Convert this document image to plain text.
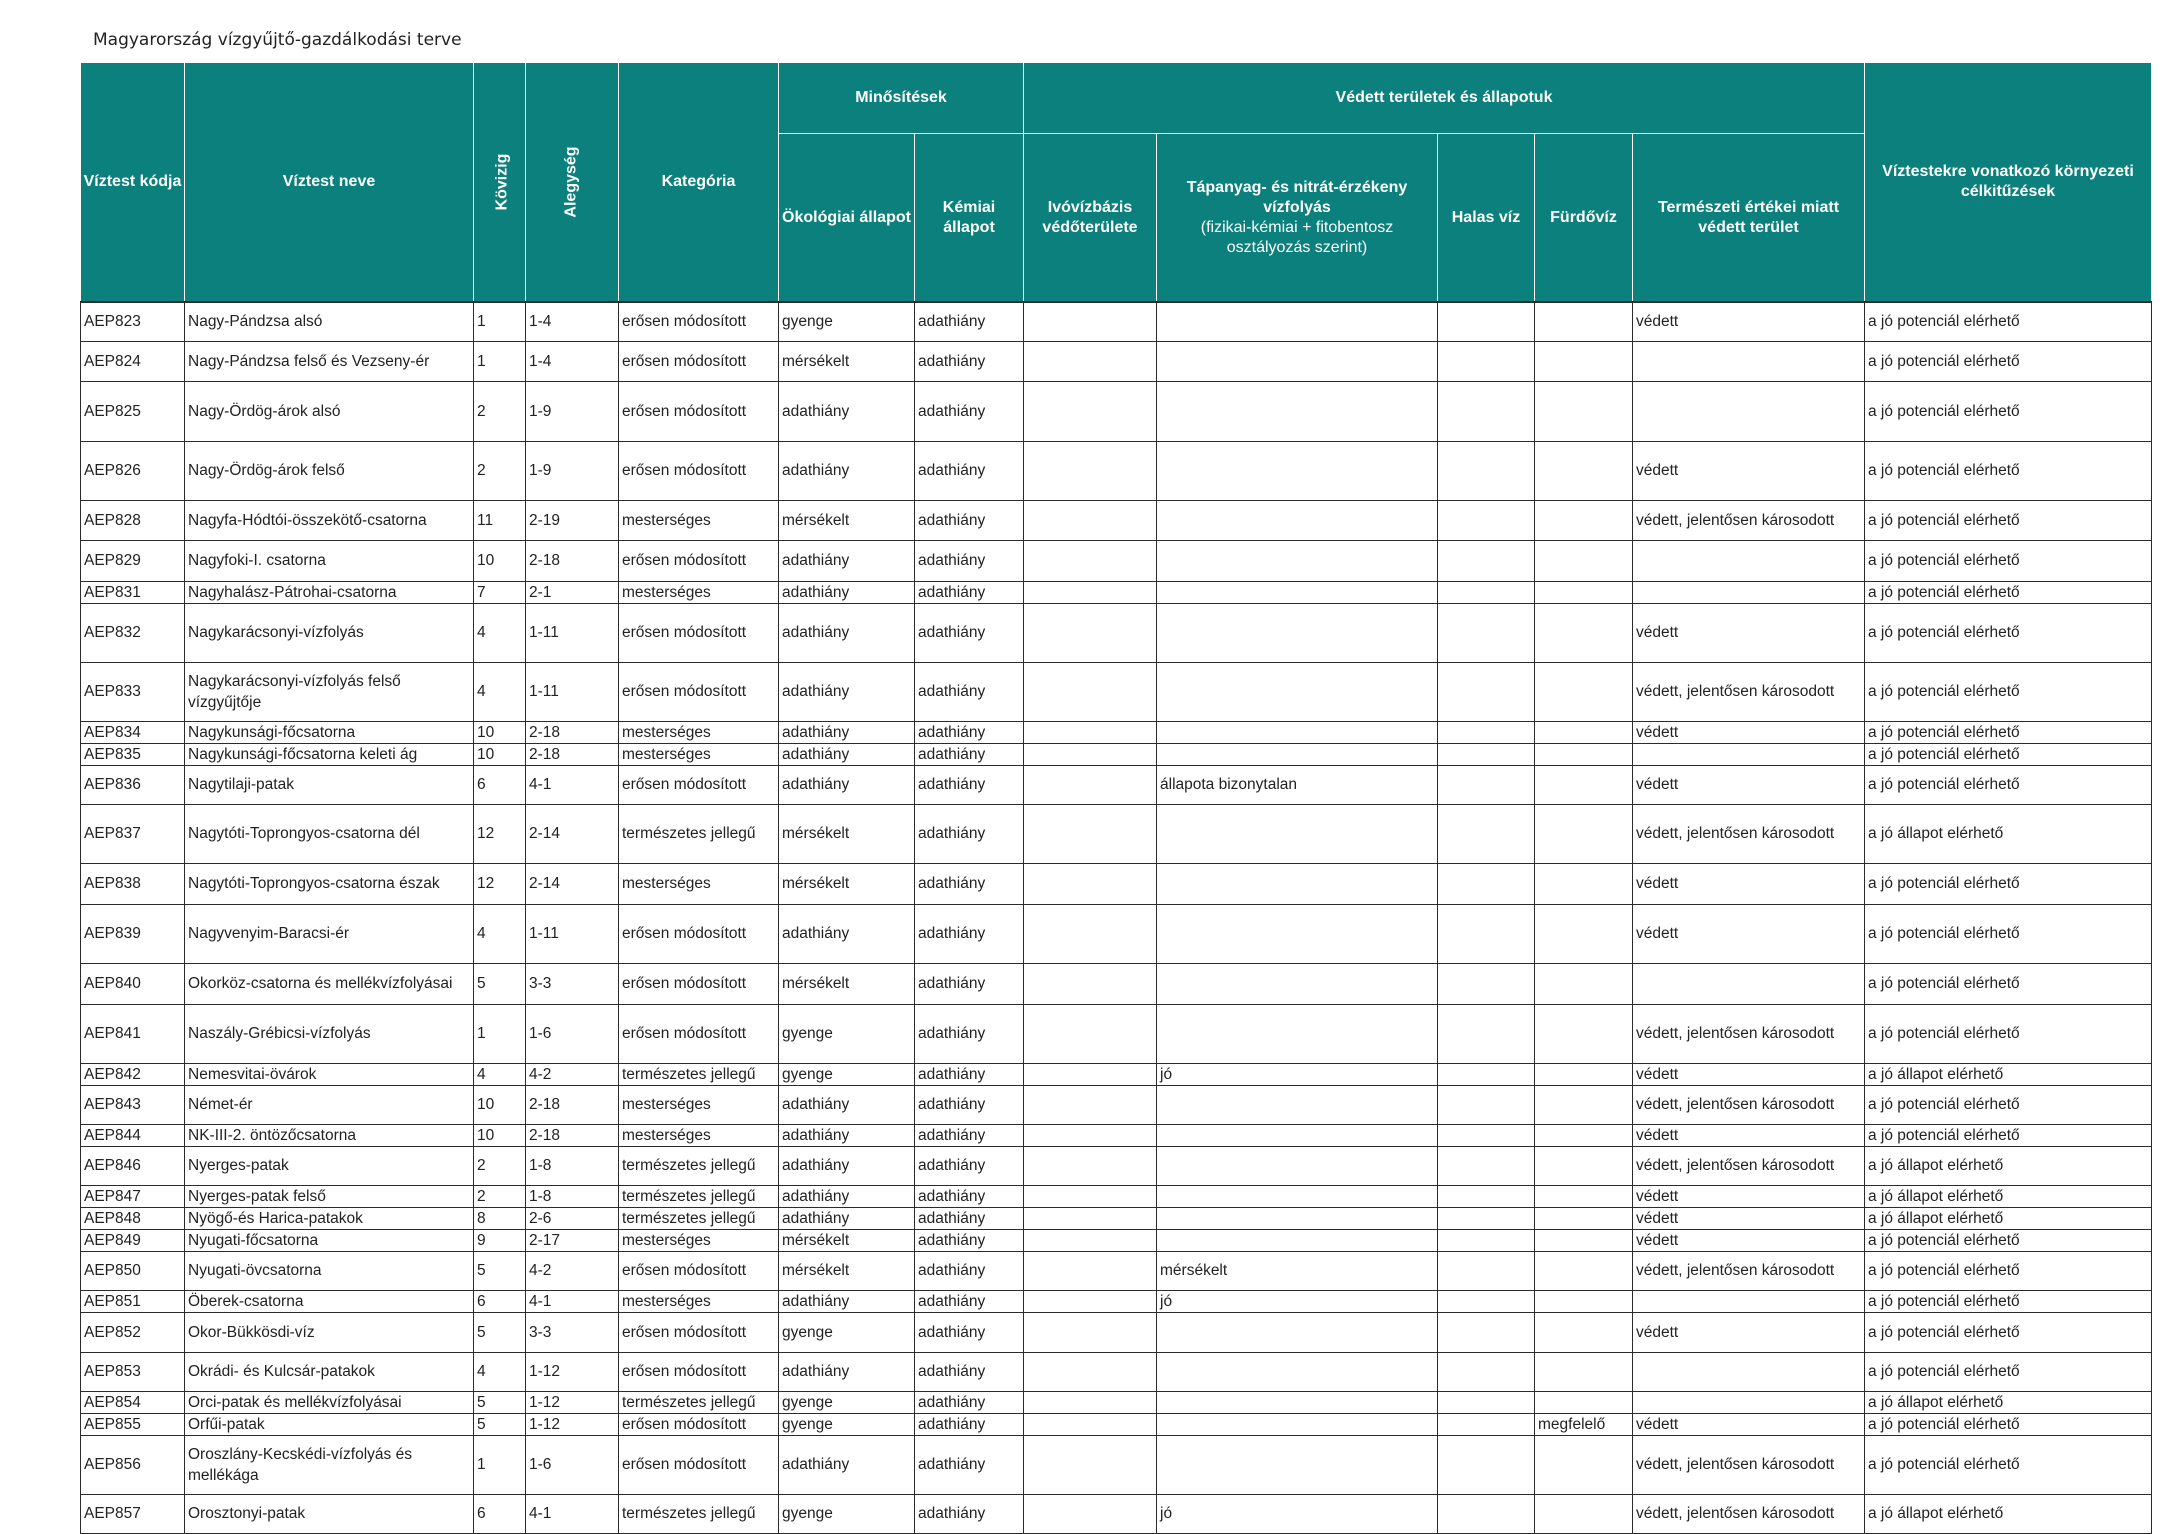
Magyarország vízgyűjtő-gazdálkodási terve
Víztest kódja	Víztest neve	Kövizig	Alegység	Kategória	Minősítések		Védett területek és állapotuk					Víztestekre vonatkozó környezeti célkitűzések
					Ökológiai állapot	Kémiai állapot	Ivóvízbázis védőterülete	Tápanyag- és nitrát-érzékeny vízfolyás
(fizikai-kémiai + fitobentosz osztályozás szerint)	Halas víz	Fürdővíz	Természeti értékei miatt védett terület	
AEP823	Nagy-Pándzsa alsó	1	1-4	erősen módosított	gyenge	adathiány					védett	a jó potenciál elérhető
AEP824	Nagy-Pándzsa felső és Vezseny-ér	1	1-4	erősen módosított	mérsékelt	adathiány						a jó potenciál elérhető
AEP825	Nagy-Ördög-árok alsó	2	1-9	erősen módosított	adathiány	adathiány						a jó potenciál elérhető
AEP826	Nagy-Ördög-árok felső	2	1-9	erősen módosított	adathiány	adathiány					védett	a jó potenciál elérhető
AEP828	Nagyfa-Hódtói-összekötő-csatorna	11	2-19	mesterséges	mérsékelt	adathiány					védett, jelentősen károsodott	a jó potenciál elérhető
AEP829	Nagyfoki-I. csatorna	10	2-18	erősen módosított	adathiány	adathiány						a jó potenciál elérhető
AEP831	Nagyhalász-Pátrohai-csatorna	7	2-1	mesterséges	adathiány	adathiány						a jó potenciál elérhető
AEP832	Nagykarácsonyi-vízfolyás	4	1-11	erősen módosított	adathiány	adathiány					védett	a jó potenciál elérhető
AEP833	Nagykarácsonyi-vízfolyás felső vízgyűjtője	4	1-11	erősen módosított	adathiány	adathiány					védett, jelentősen károsodott	a jó potenciál elérhető
AEP834	Nagykunsági-főcsatorna	10	2-18	mesterséges	adathiány	adathiány					védett	a jó potenciál elérhető
AEP835	Nagykunsági-főcsatorna keleti ág	10	2-18	mesterséges	adathiány	adathiány						a jó potenciál elérhető
AEP836	Nagytilaji-patak	6	4-1	erősen módosított	adathiány	adathiány		állapota bizonytalan			védett	a jó potenciál elérhető
AEP837	Nagytóti-Toprongyos-csatorna dél	12	2-14	természetes jellegű	mérsékelt	adathiány					védett, jelentősen károsodott	a jó állapot elérhető
AEP838	Nagytóti-Toprongyos-csatorna észak	12	2-14	mesterséges	mérsékelt	adathiány					védett	a jó potenciál elérhető
AEP839	Nagyvenyim-Baracsi-ér	4	1-11	erősen módosított	adathiány	adathiány					védett	a jó potenciál elérhető
AEP840	Okorköz-csatorna és mellékvízfolyásai	5	3-3	erősen módosított	mérsékelt	adathiány						a jó potenciál elérhető
AEP841	Naszály-Grébicsi-vízfolyás	1	1-6	erősen módosított	gyenge	adathiány					védett, jelentősen károsodott	a jó potenciál elérhető
AEP842	Nemesvitai-övárok	4	4-2	természetes jellegű	gyenge	adathiány		jó			védett	a jó állapot elérhető
AEP843	Német-ér	10	2-18	mesterséges	adathiány	adathiány					védett, jelentősen károsodott	a jó potenciál elérhető
AEP844	NK-III-2. öntözőcsatorna	10	2-18	mesterséges	adathiány	adathiány					védett	a jó potenciál elérhető
AEP846	Nyerges-patak	2	1-8	természetes jellegű	adathiány	adathiány					védett, jelentősen károsodott	a jó állapot elérhető
AEP847	Nyerges-patak felső	2	1-8	természetes jellegű	adathiány	adathiány					védett	a jó állapot elérhető
AEP848	Nyögő-és Harica-patakok	8	2-6	természetes jellegű	adathiány	adathiány					védett	a jó állapot elérhető
AEP849	Nyugati-főcsatorna	9	2-17	mesterséges	mérsékelt	adathiány					védett	a jó potenciál elérhető
AEP850	Nyugati-övcsatorna	5	4-2	erősen módosított	mérsékelt	adathiány		mérsékelt			védett, jelentősen károsodott	a jó potenciál elérhető
AEP851	Öberek-csatorna	6	4-1	mesterséges	adathiány	adathiány		jó				a jó potenciál elérhető
AEP852	Okor-Bükkösdi-víz	5	3-3	erősen módosított	gyenge	adathiány					védett	a jó potenciál elérhető
AEP853	Okrádi- és Kulcsár-patakok	4	1-12	erősen módosított	adathiány	adathiány						a jó potenciál elérhető
AEP854	Orci-patak és mellékvízfolyásai	5	1-12	természetes jellegű	gyenge	adathiány						a jó állapot elérhető
AEP855	Orfűi-patak	5	1-12	erősen módosított	gyenge	adathiány				megfelelő	védett	a jó potenciál elérhető
AEP856	Oroszlány-Kecskédi-vízfolyás és mellékága	1	1-6	erősen módosított	adathiány	adathiány					védett, jelentősen károsodott	a jó potenciál elérhető
AEP857	Orosztonyi-patak	6	4-1	természetes jellegű	gyenge	adathiány		jó			védett, jelentősen károsodott	a jó állapot elérhető
